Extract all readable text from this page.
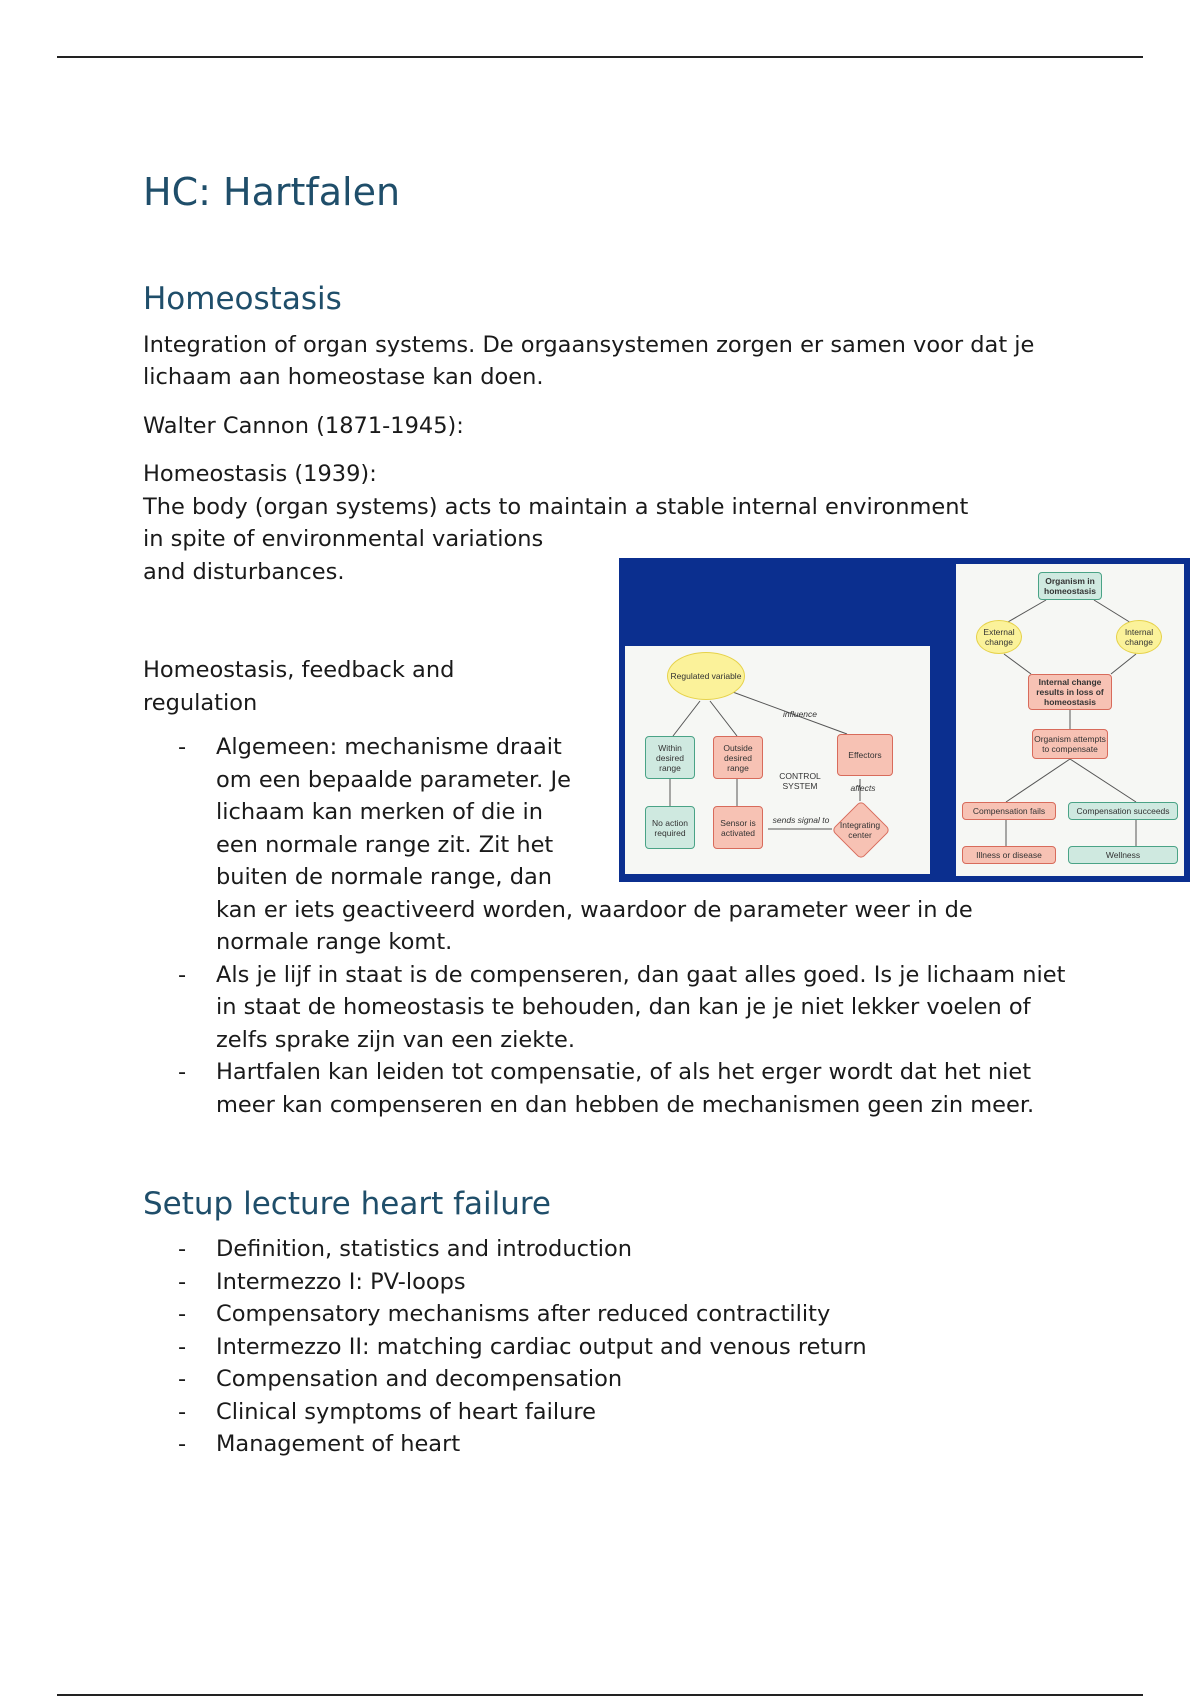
HC: Hartfalen
Homeostasis

Integration of organ systems. De orgaansystemen zorgen er samen voor dat je lichaam aan homeostase kan doen.

Walter Cannon (1871-1945):

Homeostasis (1939):

The body (organ systems) acts to maintain a stable internal environment
in spite of environmental variations
and disturbances.

Homeostasis, feedback and regulation

- Algemeen: mechanisme draait
om een bepaalde parameter. Je
lichaam kan merken of die in
een normale range zit. Zit het
buiten de normale range, dan
kan er iets geactiveerd worden, waardoor de parameter weer in de
normale range komt.
- Als je lijf in staat is de compenseren, dan gaat alles goed. Is je lichaam niet in staat de homeostasis te behouden, dan kan je je niet lekker voelen of zelfs sprake zijn van een ziekte.
- Hartfalen kan leiden tot compensatie, of als het erger wordt dat het niet meer kan compenseren en dan hebben de mechanismen geen zin meer.
Setup lecture heart failure
- Definition, statistics and introduction
- Intermezzo I: PV-loops
- Compensatory mechanisms after reduced contractility
- Intermezzo II: matching cardiac output and venous return
- Compensation and decompensation
- Clinical symptoms of heart failure
- Management of heart
Regulated variable
influence
Within desired range
Outside desired range
Effectors
CONTROL SYSTEM	affects
No action required
Sensor is activated
sends signal to	Integrating center
Organism in homeostasis
External change
Internal change
Internal change results in loss of homeostasis
Organism attempts to compensate
Compensation fails	Compensation succeeds
Illness or disease	Wellness
